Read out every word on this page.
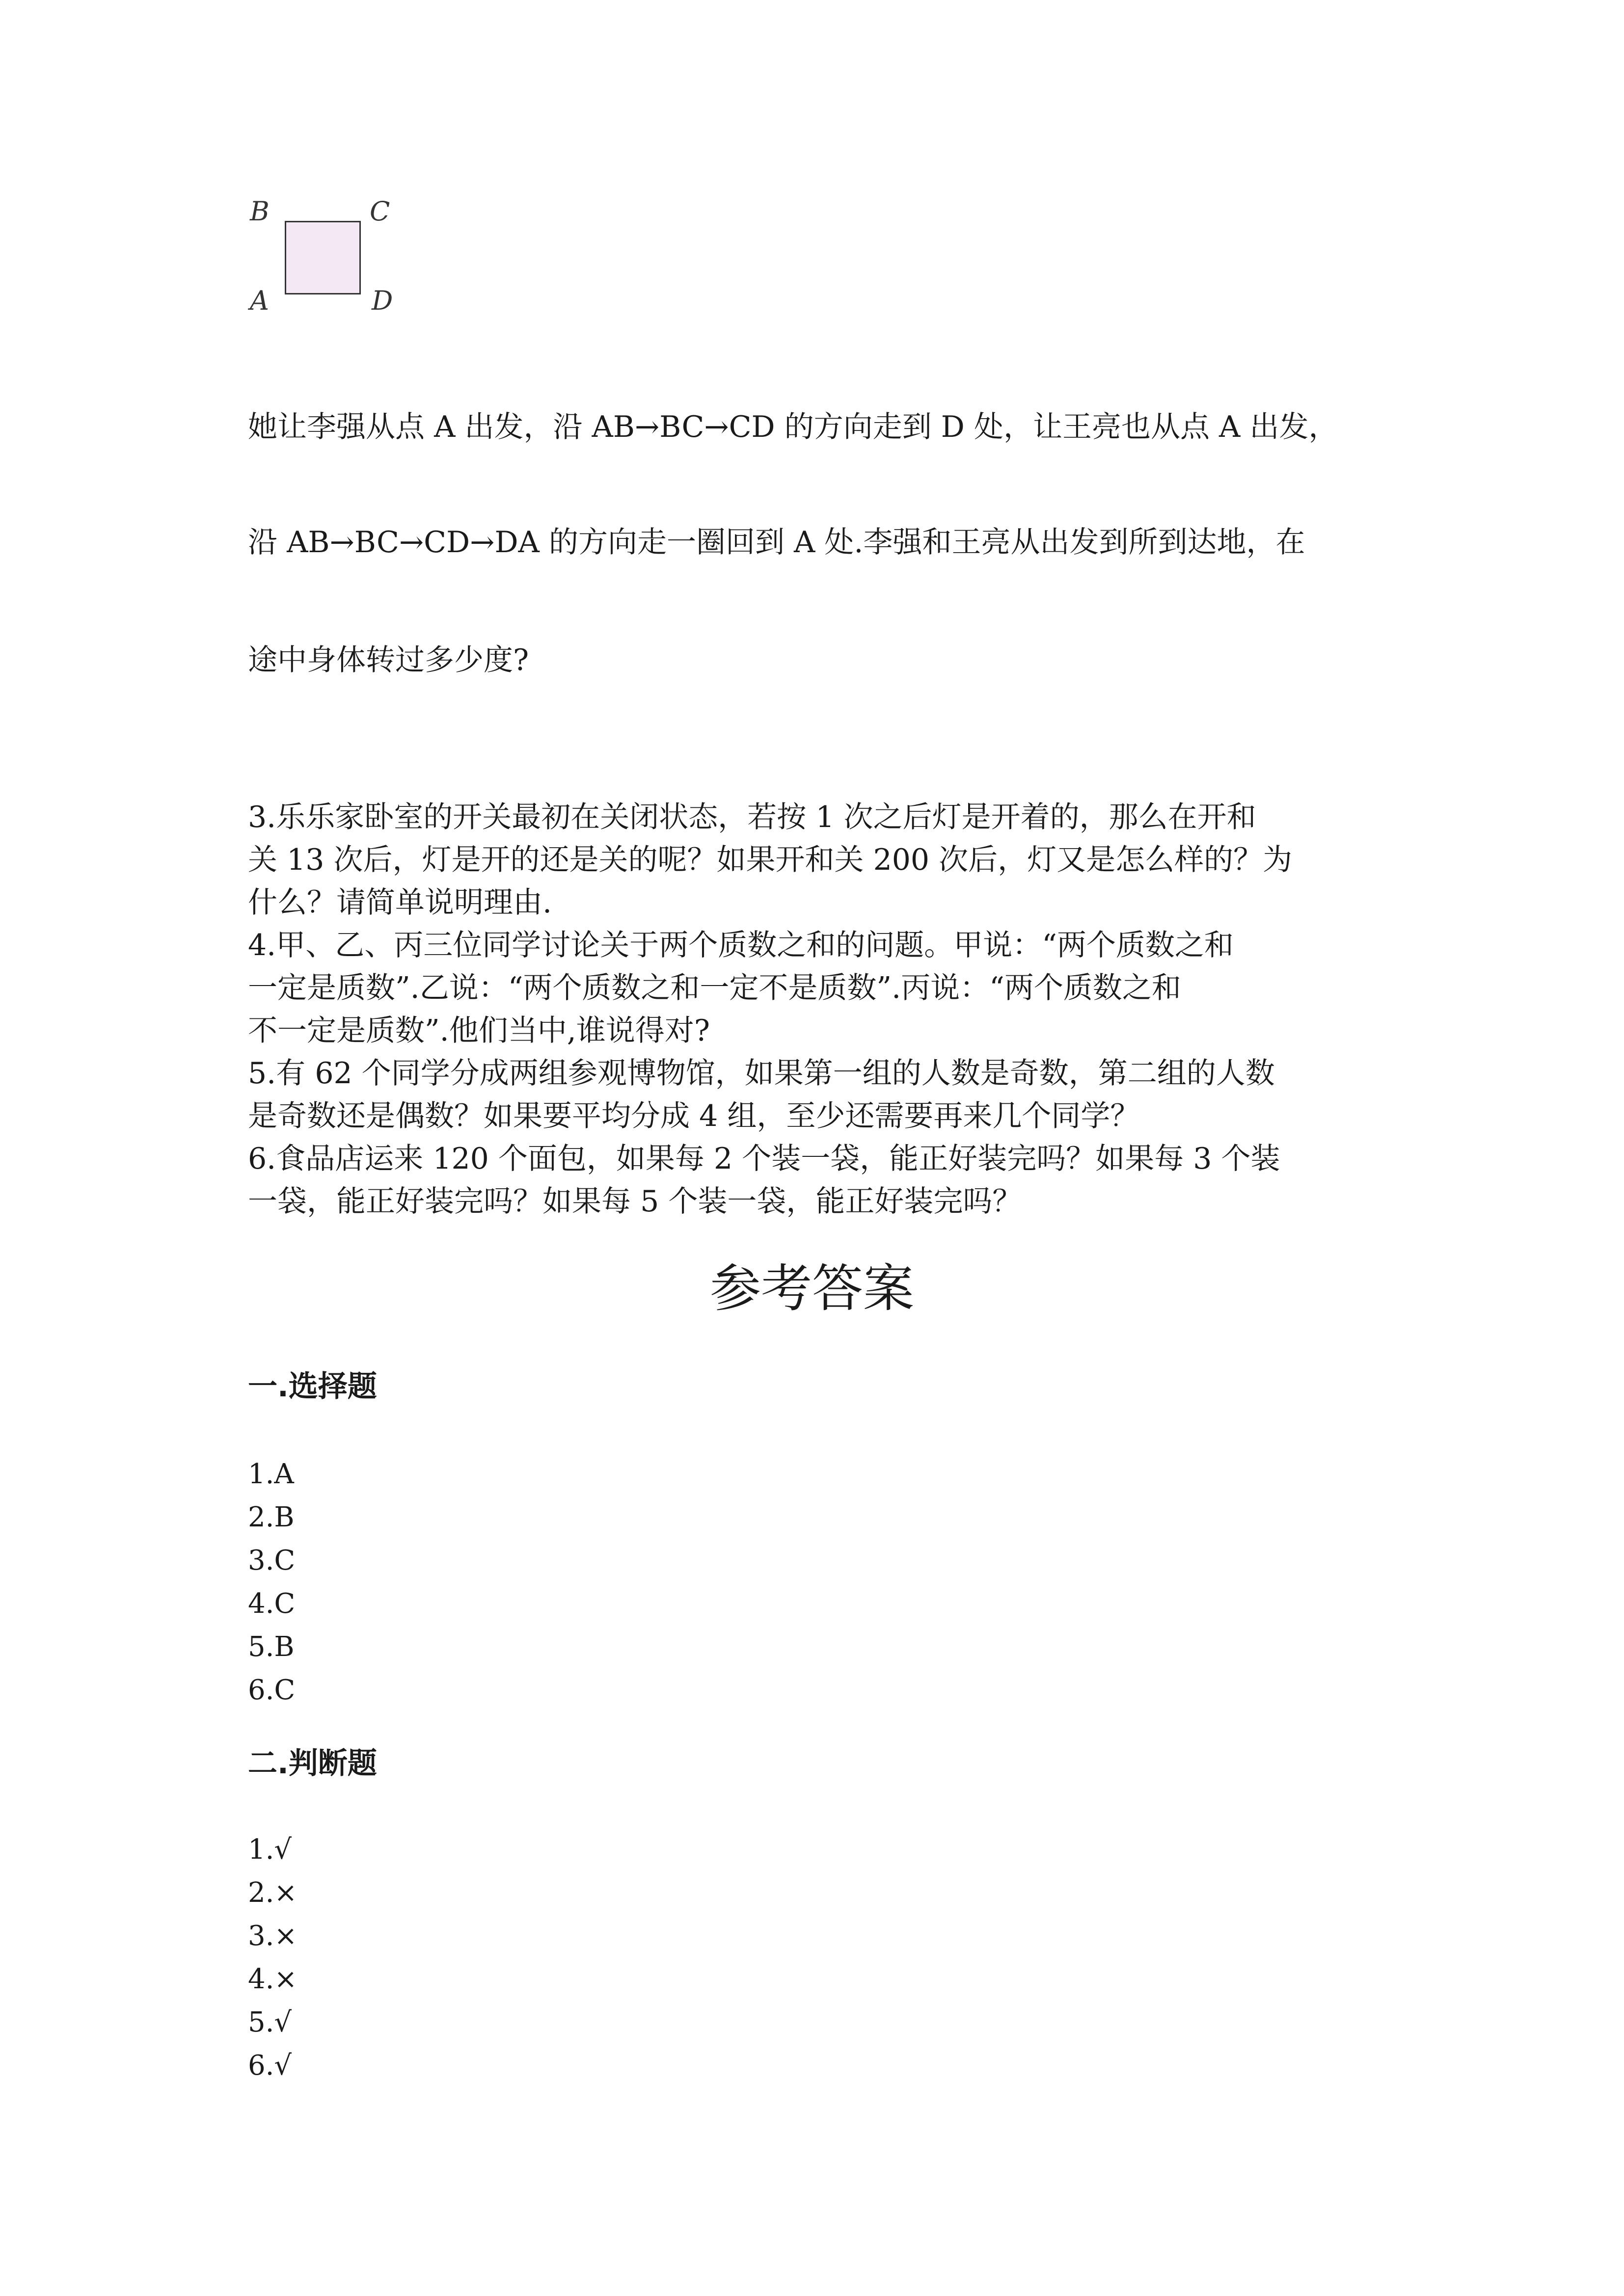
B	C
A	D
她让李强从点 A 出发，沿 AB→BC→CD 的方向走到 D 处，让王亮也从点 A 出发，
沿 AB→BC→CD→DA 的方向走一圈回到 A 处.李强和王亮从出发到所到达地，在
途中身体转过多少度?
3.乐乐家卧室的开关最初在关闭状态，若按 1 次之后灯是开着的，那么在开和
关 13 次后，灯是开的还是关的呢？如果开和关 200 次后，灯又是怎么样的？为
什么？请简单说明理由.
4.甲、乙、丙三位同学讨论关于两个质数之和的问题。甲说：“两个质数之和
一定是质数”.乙说：“两个质数之和一定不是质数”.丙说：“两个质数之和
不一定是质数”.他们当中,谁说得对?
5.有 62 个同学分成两组参观博物馆，如果第一组的人数是奇数，第二组的人数
是奇数还是偶数？如果要平均分成 4 组，至少还需要再来几个同学？
6.食品店运来 120 个面包，如果每 2 个装一袋，能正好装完吗？如果每 3 个装
一袋，能正好装完吗？如果每 5 个装一袋，能正好装完吗？
参考答案
一.选择题
1.A
2.B
3.C
4.C
5.B
6.C
二.判断题
1.√
2.×
3.×
4.×
5.√
6.√
